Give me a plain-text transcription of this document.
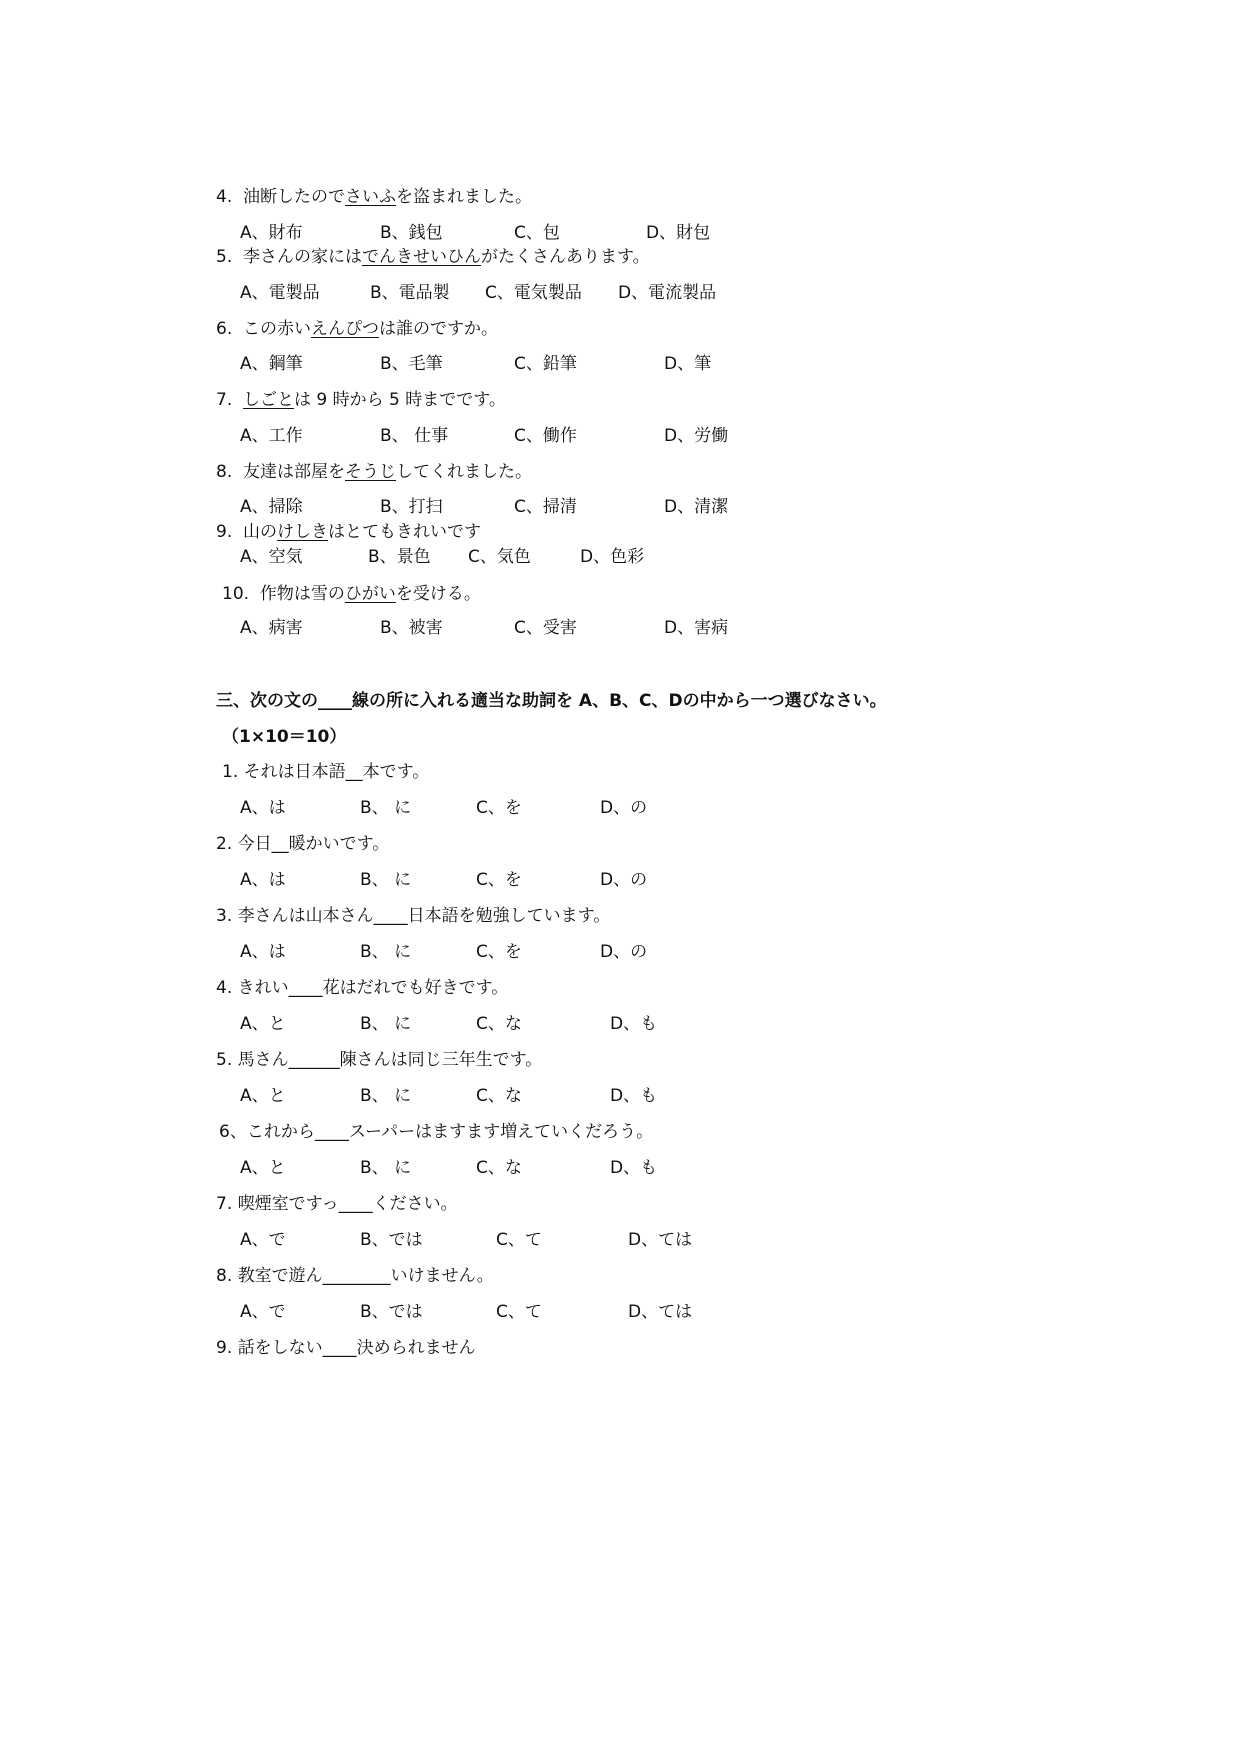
4.  油断したのでさいふを盗まれました。
A、財布	B、銭包	C、包	D、財包
5.  李さんの家にはでんきせいひんがたくさんあります。
A、電製品	B、電品製 C、電気製品 D、電流製品
6.  この赤いえんぴつは誰のですか。
A、鋼筆	B、毛筆	C、鉛筆	D、筆
7.  しごとは 9 時から 5 時までです。
A、工作	B、 仕事	C、働作	D、労働
8.  友達は部屋をそうじしてくれました。
A、掃除	B、打扫	C、掃清	D、清潔
9.  山のけしきはとてもきれいです
A、空気	B、景色 C、気色	D、色彩
10.  作物は雪のひがいを受ける。
A、病害	B、被害	C、受害	D、害病
三、次の文の____線の所に入れる適当な助詞を A、B、C、Dの中から一つ選びなさい。
（1×10＝10）
1. それは日本語__本です。
A、は	B、 に	C、を	D、の
2. 今日__暖かいです。
A、は	B、 に	C、を	D、の
3. 李さんは山本さん____日本語を勉強しています。
A、は	B、 に	C、を	D、の
4. きれい____花はだれでも好きです。
A、と	B、 に	C、な	D、も
5. 馬さん______陳さんは同じ三年生です。
A、と	B、 に	C、な	D、も
6、これから____スーパーはますます増えていくだろう。
A、と	B、 に	C、な	D、も
7. 喫煙室ですっ____ください。
A、で	B、では	C、て	D、ては
8. 教室で遊ん________いけません。
A、で	B、では	C、て	D、ては
9. 話をしない____決められません
